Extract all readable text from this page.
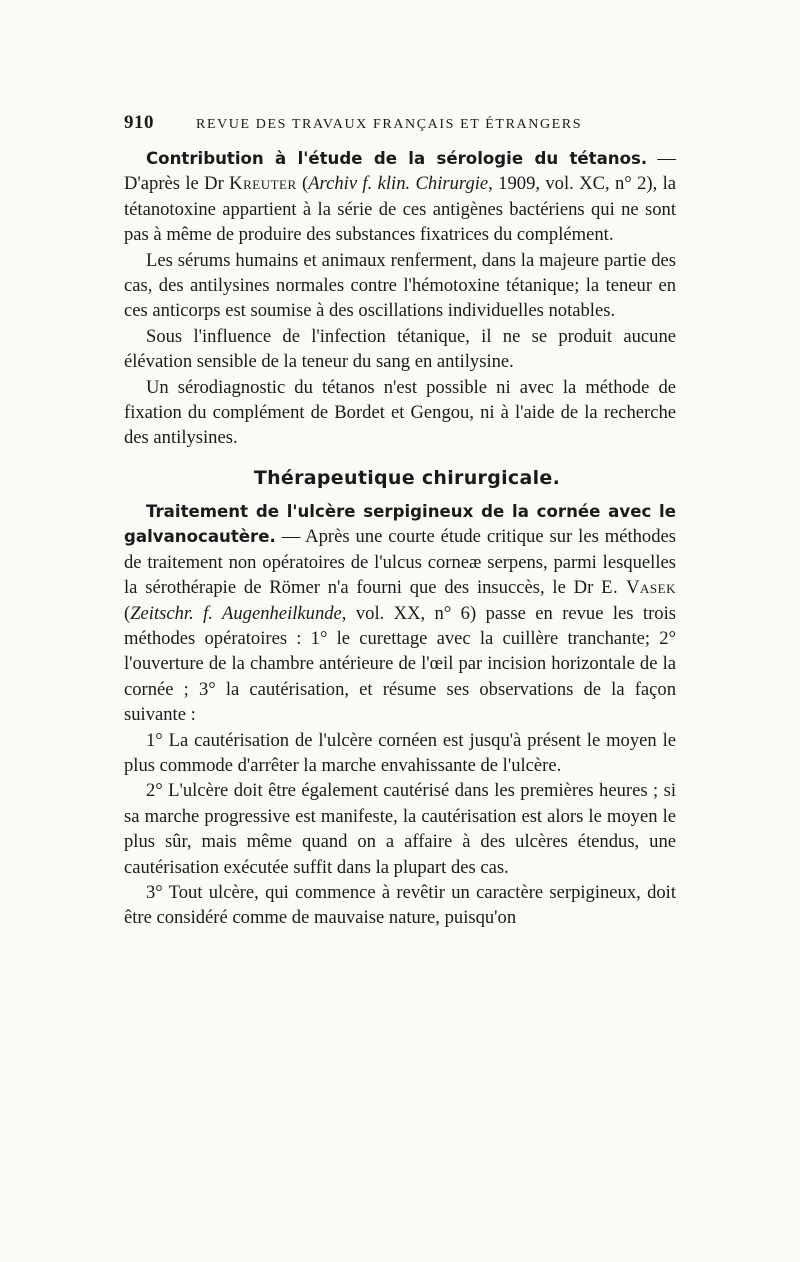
910	REVUE DES TRAVAUX FRANÇAIS ET ÉTRANGERS

Contribution à l'étude de la sérologie du tétanos. — D'après le Dr Kreuter (Archiv f. klin. Chirurgie, 1909, vol. XC, n° 2), la tétanotoxine appartient à la série de ces antigènes bactériens qui ne sont pas à même de produire des substances fixatrices du complément.

Les sérums humains et animaux renferment, dans la majeure partie des cas, des antilysines normales contre l'hémotoxine tétanique; la teneur en ces anticorps est soumise à des oscillations individuelles notables.

Sous l'influence de l'infection tétanique, il ne se produit aucune élévation sensible de la teneur du sang en antilysine.

Un sérodiagnostic du tétanos n'est possible ni avec la méthode de fixation du complément de Bordet et Gengou, ni à l'aide de la recherche des antilysines.

Thérapeutique chirurgicale.

Traitement de l'ulcère serpigineux de la cornée avec le galvanocautère. — Après une courte étude critique sur les méthodes de traitement non opératoires de l'ulcus corneæ serpens, parmi lesquelles la sérothérapie de Römer n'a fourni que des insuccès, le Dr E. Vasek (Zeitschr. f. Augenheilkunde, vol. XX, n° 6) passe en revue les trois méthodes opératoires : 1° le curettage avec la cuillère tranchante; 2° l'ouverture de la chambre antérieure de l'œil par incision horizontale de la cornée ; 3° la cautérisation, et résume ses observations de la façon suivante :

1° La cautérisation de l'ulcère cornéen est jusqu'à présent le moyen le plus commode d'arrêter la marche envahissante de l'ulcère.

2° L'ulcère doit être également cautérisé dans les premières heures ; si sa marche progressive est manifeste, la cautérisation est alors le moyen le plus sûr, mais même quand on a affaire à des ulcères étendus, une cautérisation exécutée suffit dans la plupart des cas.

3° Tout ulcère, qui commence à revêtir un caractère serpigineux, doit être considéré comme de mauvaise nature, puisqu'on
